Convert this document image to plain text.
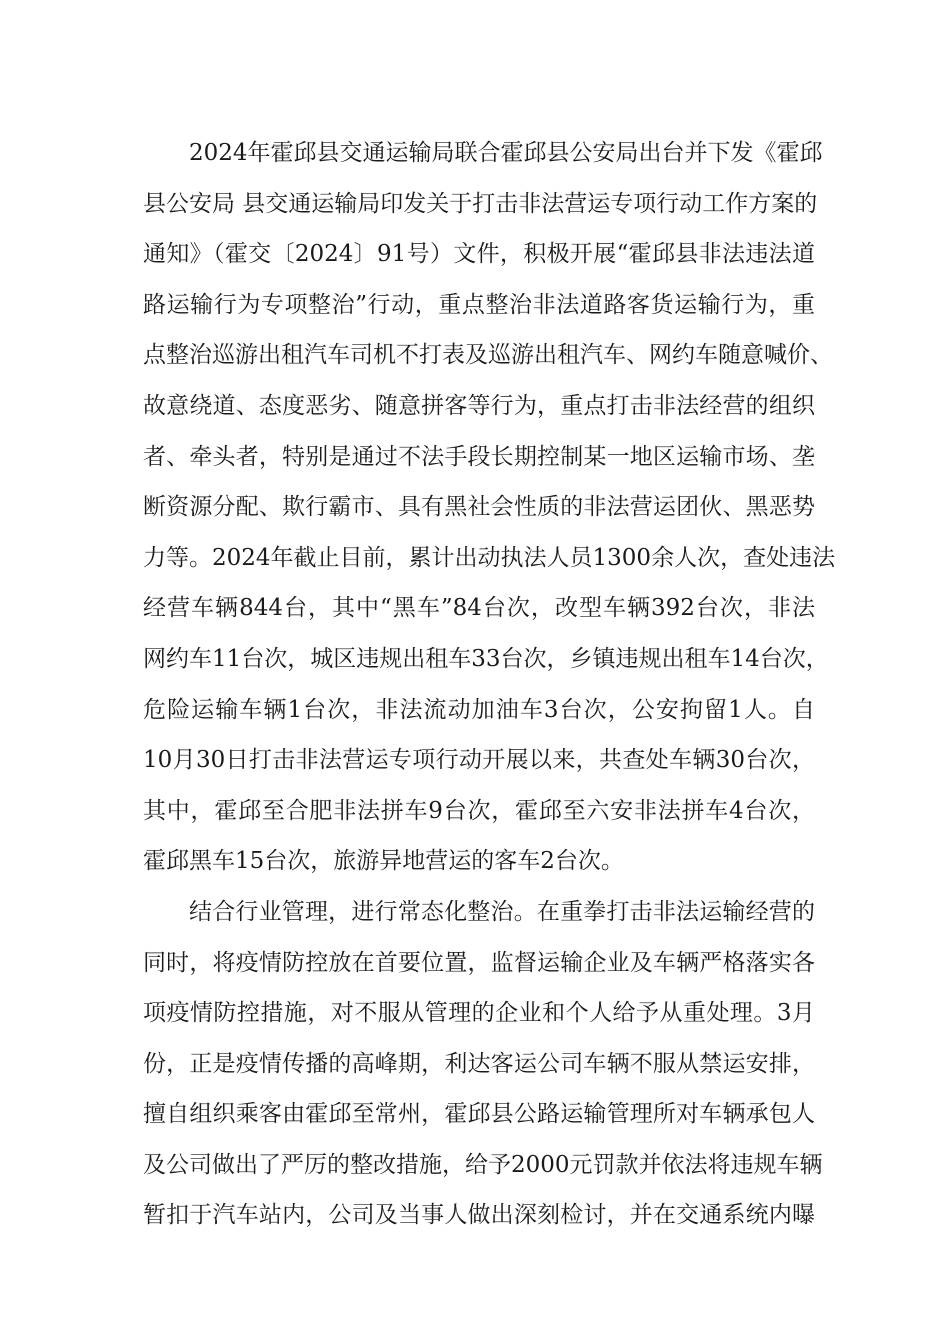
2024年霍邱县交通运输局联合霍邱县公安局出台并下发《霍邱
县公安局 县交通运输局印发关于打击非法营运专项行动工作方案的
通知》（霍交〔2024〕91号）文件，积极开展“霍邱县非法违法道
路运输行为专项整治”行动，重点整治非法道路客货运输行为，重
点整治巡游出租汽车司机不打表及巡游出租汽车、网约车随意喊价、
故意绕道、态度恶劣、随意拼客等行为，重点打击非法经营的组织
者、牵头者，特别是通过不法手段长期控制某一地区运输市场、垄
断资源分配、欺行霸市、具有黑社会性质的非法营运团伙、黑恶势
力等。2024年截止目前，累计出动执法人员1300余人次，查处违法
经营车辆844台，其中“黑车”84台次，改型车辆392台次，非法
网约车11台次，城区违规出租车33台次，乡镇违规出租车14台次，
危险运输车辆1台次，非法流动加油车3台次，公安拘留1人。自
10月30日打击非法营运专项行动开展以来，共查处车辆30台次，
其中，霍邱至合肥非法拼车9台次，霍邱至六安非法拼车4台次，
霍邱黑车15台次，旅游异地营运的客车2台次。
结合行业管理，进行常态化整治。在重拳打击非法运输经营的
同时，将疫情防控放在首要位置，监督运输企业及车辆严格落实各
项疫情防控措施，对不服从管理的企业和个人给予从重处理。3月
份，正是疫情传播的高峰期，利达客运公司车辆不服从禁运安排，
擅自组织乘客由霍邱至常州，霍邱县公路运输管理所对车辆承包人
及公司做出了严厉的整改措施，给予2000元罚款并依法将违规车辆
暂扣于汽车站内，公司及当事人做出深刻检讨，并在交通系统内曝
